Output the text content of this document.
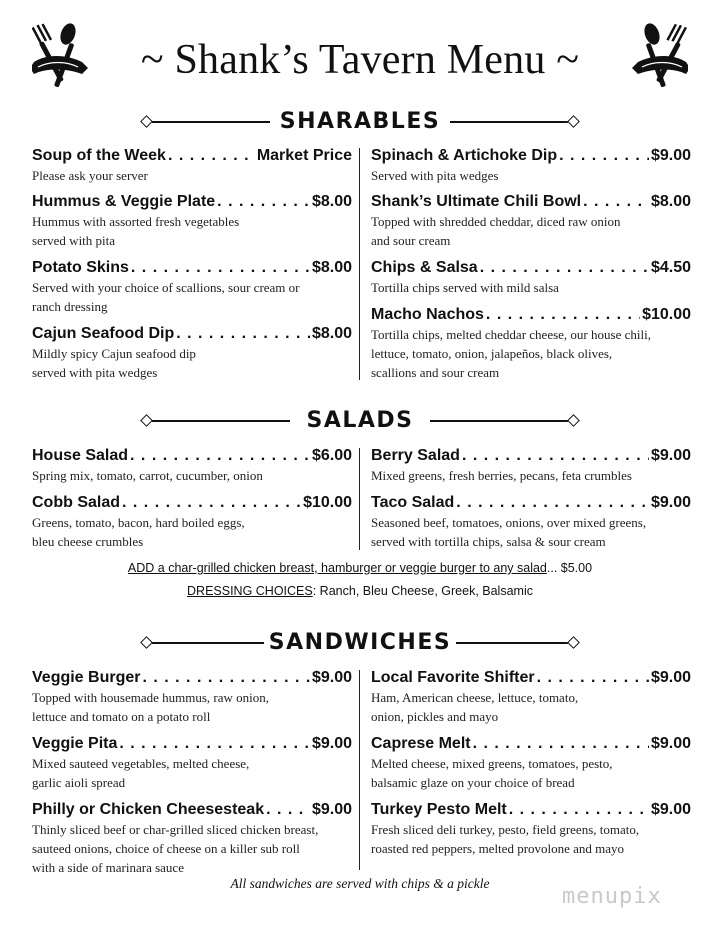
~ Shank’s Tavern Menu ~
SHARABLES
Soup of the Week . . .	Market Price
Please ask your server
Hummus & Veggie Plate . . .	$8.00
Hummus with assorted fresh vegetables
served with pita
Potato Skins . . .	$8.00
Served with your choice of scallions, sour cream or
ranch dressing
Cajun Seafood Dip . . .	$8.00
Mildly spicy Cajun seafood dip
served with pita wedges
Spinach & Artichoke Dip . . .	$9.00
Served with pita wedges
Shank’s Ultimate Chili Bowl . . .	$8.00
Topped with shredded cheddar, diced raw onion
and sour cream
Chips & Salsa . . .	$4.50
Tortilla chips served with mild salsa
Macho Nachos . . .	$10.00
Tortilla chips, melted cheddar cheese, our house chili,
lettuce, tomato, onion, jalapeños, black olives,
scallions and sour cream
SALADS
House Salad . . .	$6.00
Spring mix, tomato, carrot, cucumber, onion
Cobb Salad . . .	$10.00
Greens, tomato, bacon, hard boiled eggs,
bleu cheese crumbles
Berry Salad . . .	$9.00
Mixed greens, fresh berries, pecans, feta crumbles
Taco Salad . . .	$9.00
Seasoned beef, tomatoes, onions, over mixed greens,
served with tortilla chips, salsa & sour cream
ADD a char-grilled chicken breast, hamburger or veggie burger to any salad... $5.00
DRESSING CHOICES: Ranch, Bleu Cheese, Greek, Balsamic
SANDWICHES
Veggie Burger . . .	$9.00
Topped with housemade hummus, raw onion,
lettuce and tomato on a potato roll
Veggie Pita . . .	$9.00
Mixed sauteed vegetables, melted cheese,
garlic aioli spread
Philly or Chicken Cheesesteak . . .	$9.00
Thinly sliced beef or char-grilled sliced chicken breast,
sauteed onions, choice of cheese on a killer sub roll
with a side of marinara sauce
Local Favorite Shifter . . .	$9.00
Ham, American cheese, lettuce, tomato,
onion, pickles and mayo
Caprese Melt . . .	$9.00
Melted cheese, mixed greens, tomatoes, pesto,
balsamic glaze on your choice of bread
Turkey Pesto Melt . . .	$9.00
Fresh sliced deli turkey, pesto, field greens, tomato,
roasted red peppers, melted provolone and mayo
All sandwiches are served with chips & a pickle
menupix
